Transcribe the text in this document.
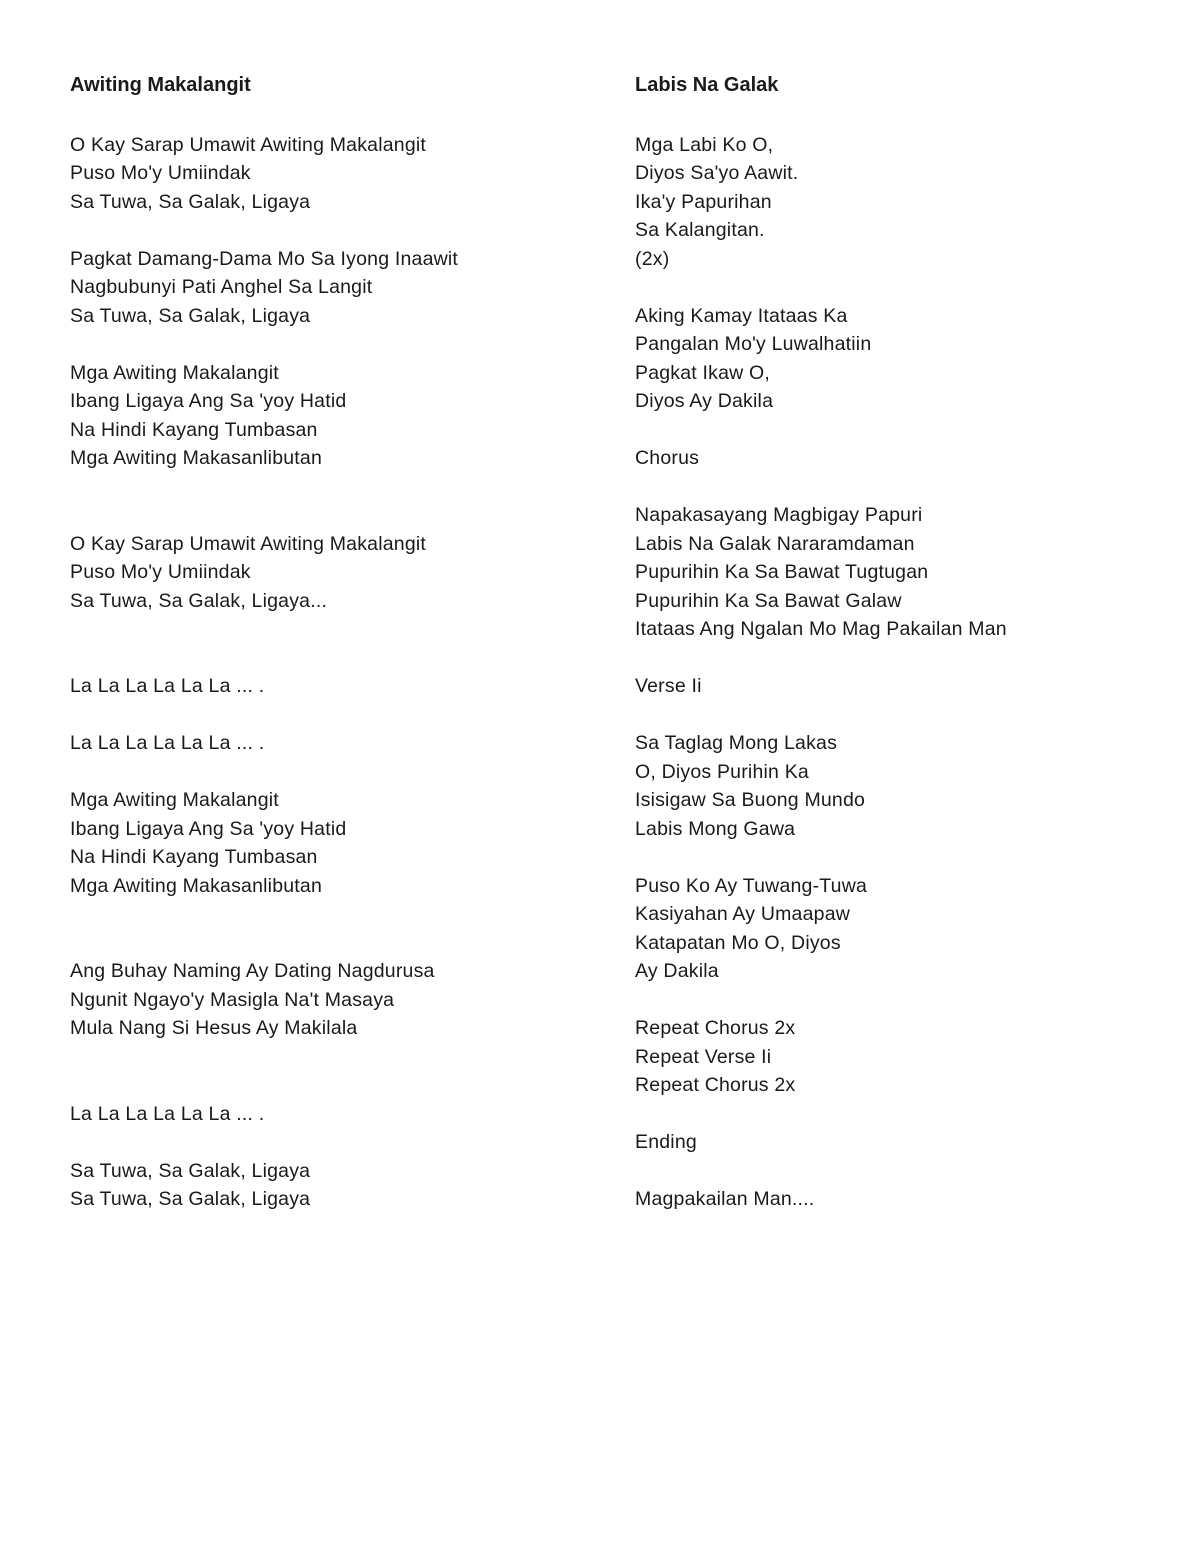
Awiting Makalangit
O Kay Sarap Umawit Awiting Makalangit
Puso Mo'y Umiindak
Sa Tuwa, Sa Galak, Ligaya
Pagkat Damang-Dama Mo Sa Iyong Inaawit
Nagbubunyi Pati Anghel Sa Langit
Sa Tuwa, Sa Galak, Ligaya
Mga Awiting Makalangit
Ibang Ligaya Ang Sa 'yoy Hatid
Na Hindi Kayang Tumbasan
Mga Awiting Makasanlibutan
O Kay Sarap Umawit Awiting Makalangit
Puso Mo'y Umiindak
Sa Tuwa, Sa Galak, Ligaya...
La La La La La La ... .
La La La La La La ... .
Mga Awiting Makalangit
Ibang Ligaya Ang Sa 'yoy Hatid
Na Hindi Kayang Tumbasan
Mga Awiting Makasanlibutan
Ang Buhay Naming Ay Dating Nagdurusa
Ngunit Ngayo'y Masigla Na't Masaya
Mula Nang Si Hesus Ay Makilala
La La La La La La ... .
Sa Tuwa, Sa Galak, Ligaya
Sa Tuwa, Sa Galak, Ligaya
Labis Na Galak
Mga Labi Ko O,
Diyos Sa'yo Aawit.
Ika'y Papurihan
Sa Kalangitan.
(2x)
Aking Kamay Itataas Ka
Pangalan Mo'y Luwalhatiin
Pagkat Ikaw O,
Diyos Ay Dakila
Chorus
Napakasayang Magbigay Papuri
Labis Na Galak Nararamdaman
Pupurihin Ka Sa Bawat Tugtugan
Pupurihin Ka Sa Bawat Galaw
Itataas Ang Ngalan Mo Mag Pakailan Man
Verse Ii
Sa Taglag Mong Lakas
O, Diyos Purihin Ka
Isisigaw Sa Buong Mundo
Labis Mong Gawa
Puso Ko Ay Tuwang-Tuwa
Kasiyahan Ay Umaapaw
Katapatan Mo O, Diyos
Ay Dakila
Repeat Chorus 2x
Repeat Verse Ii
Repeat Chorus 2x
Ending
Magpakailan Man....
